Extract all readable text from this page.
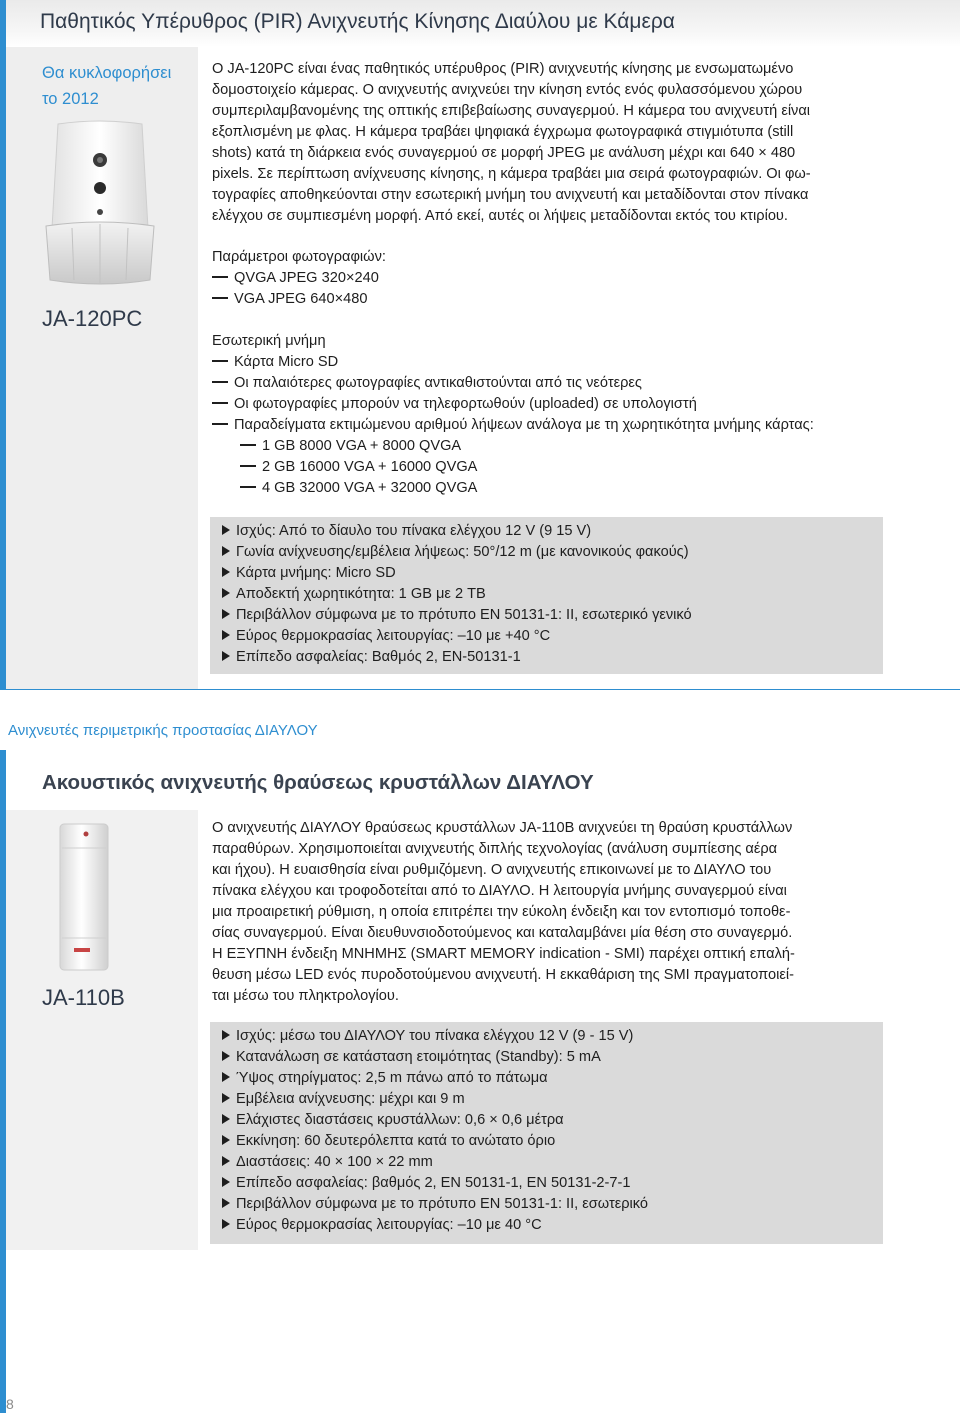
Παθητικός Υπέρυθρος (PIR) Ανιχνευτής Κίνησης Διαύλου με Κάμερα
Θα κυκλοφορήσει
το 2012
JA-120PC
Ο JA-120PC είναι ένας παθητικός υπέρυθρος (PIR) ανιχνευτής κίνησης με ενσωματωμένο
δομοστοιχείο κάμερας. Ο ανιχνευτής ανιχνεύει την κίνηση εντός ενός φυλασσόμενου χώρου
συμπεριλαμβανομένης της οπτικής επιβεβαίωσης συναγερμού. Η κάμερα του ανιχνευτή είναι
εξοπλισμένη με φλας. Η κάμερα τραβάει ψηφιακά έγχρωμα φωτογραφικά στιγμιότυπα (still
shots) κατά τη διάρκεια ενός συναγερμού σε μορφή JPEG με ανάλυση μέχρι και 640 × 480
pixels. Σε περίπτωση ανίχνευσης κίνησης, η κάμερα τραβάει μια σειρά φωτογραφιών. Οι φω-
τογραφίες αποθηκεύονται στην εσωτερική μνήμη του ανιχνευτή και μεταδίδονται στον πίνακα
ελέγχου σε συμπιεσμένη μορφή. Από εκεί, αυτές οι λήψεις μεταδίδονται εκτός του κτιρίου.
Παράμετροι φωτογραφιών:
QVGA JPEG 320×240
VGA JPEG 640×480
Εσωτερική μνήμη
Κάρτα Micro SD
Οι παλαιότερες φωτογραφίες αντικαθιστούνται από τις νεότερες
Οι φωτογραφίες μπορούν να τηλεφορτωθούν (uploaded) σε υπολογιστή
Παραδείγματα εκτιμώμενου αριθμού λήψεων ανάλογα με τη χωρητικότητα μνήμης κάρτας:
1 GB 8000 VGA + 8000 QVGA
2 GB 16000 VGA + 16000 QVGA
4 GB 32000 VGA + 32000 QVGA
Ισχύς: Από το δίαυλο του πίνακα ελέγχου 12 V (9 15 V)
Γωνία ανίχνευσης/εμβέλεια λήψεως: 50°/12 m (με κανονικούς φακούς)
Κάρτα μνήμης: Micro SD
Αποδεκτή χωρητικότητα: 1 GB με 2 TB
Περιβάλλον σύμφωνα με το πρότυπο EN 50131-1: II, εσωτερικό γενικό
Εύρος θερμοκρασίας λειτουργίας: –10 με +40 °C
Επίπεδο ασφαλείας: Βαθμός 2, EN-50131-1
Ανιχνευτές περιμετρικής προστασίας ΔΙΑΥΛΟΥ
Ακουστικός ανιχνευτής θραύσεως κρυστάλλων ΔΙΑΥΛΟΥ
JA-110B
Ο ανιχνευτής ΔΙΑΥΛΟΥ θραύσεως κρυστάλλων JA-110B ανιχνεύει τη θραύση κρυστάλλων
παραθύρων. Χρησιμοποιείται ανιχνευτής διπλής τεχνολογίας (ανάλυση συμπίεσης αέρα
και ήχου). Η ευαισθησία είναι ρυθμιζόμενη. Ο ανιχνευτής επικοινωνεί με το ΔΙΑΥΛΟ του
πίνακα ελέγχου και τροφοδοτείται από το ΔΙΑΥΛΟ. Η λειτουργία μνήμης συναγερμού είναι
μια προαιρετική ρύθμιση, η οποία επιτρέπει την εύκολη ένδειξη και τον εντοπισμό τοποθε-
σίας συναγερμού. Είναι διευθυνσιοδοτούμενος και καταλαμβάνει μία θέση στο συναγερμό.
Η ΕΞΥΠΝΗ ένδειξη ΜΝΗΜΗΣ (SMART MEMORY indication - SMI) παρέχει οπτική επαλή-
θευση μέσω LED ενός πυροδοτούμενου ανιχνευτή. Η εκκαθάριση της SMI πραγματοποιεί-
ται μέσω του πληκτρολογίου.
Ισχύς: μέσω του ΔΙΑΥΛΟΥ του πίνακα ελέγχου 12 V (9 - 15 V)
Κατανάλωση σε κατάσταση ετοιμότητας (Standby): 5 mA
Ύψος στηρίγματος: 2,5 m πάνω από το πάτωμα
Εμβέλεια ανίχνευσης: μέχρι και 9 m
Ελάχιστες διαστάσεις κρυστάλλων: 0,6 × 0,6 μέτρα
Εκκίνηση: 60 δευτερόλεπτα κατά το ανώτατο όριο
Διαστάσεις: 40 × 100 × 22 mm
Επίπεδο ασφαλείας: βαθμός 2, EN 50131-1, EN 50131-2-7-1
Περιβάλλον σύμφωνα με το πρότυπο EN 50131-1: II, εσωτερικό
Εύρος θερμοκρασίας λειτουργίας: –10 με 40 °C
8
